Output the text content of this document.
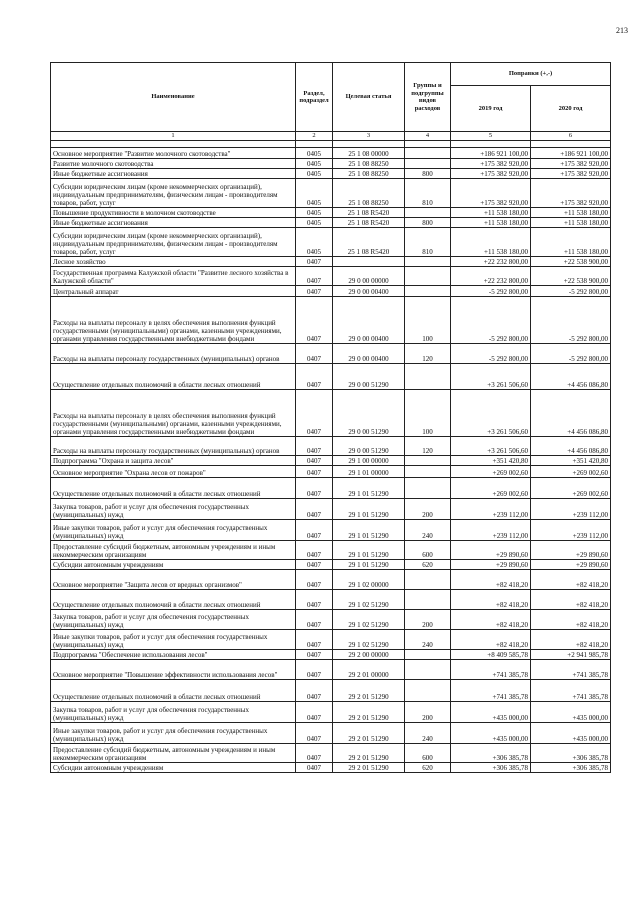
213
Наименование	Раздел, подраздел	Целевая статья	Группы и подгруппы видов расходов	Поправки (+,-)	
				2019 год	2020 год
1	2	3	4	5	6

Основное мероприятие "Развитие молочного скотоводства"	0405	25 1 08 00000		+186 921 100,00	+186 921 100,00
Развитие молочного скотоводства	0405	25 1 08 88250		+175 382 920,00	+175 382 920,00
Иные бюджетные ассигнования	0405	25 1 08 88250	800	+175 382 920,00	+175 382 920,00
Субсидии юридическим лицам (кроме некоммерческих организаций), индивидуальным предпринимателям, физическим лицам - производителям товаров, работ, услуг	0405	25 1 08 88250	810	+175 382 920,00	+175 382 920,00
Повышение продуктивности в молочном скотоводстве	0405	25 1 08 R5420		+11 538 180,00	+11 538 180,00
Иные бюджетные ассигнования	0405	25 1 08 R5420	800	+11 538 180,00	+11 538 180,00
Субсидии юридическим лицам (кроме некоммерческих организаций), индивидуальным предпринимателям, физическим лицам - производителям товаров, работ, услуг	0405	25 1 08 R5420	810	+11 538 180,00	+11 538 180,00
Лесное хозяйство	0407			+22 232 800,00	+22 538 900,00
Государственная программа Калужской области "Развитие лесного хозяйства в Калужской области"	0407	29 0 00 00000		+22 232 800,00	+22 538 900,00
Центральный аппарат	0407	29 0 00 00400		-5 292 800,00	-5 292 800,00
Расходы на выплаты персоналу в целях обеспечения выполнения функций государственными (муниципальными) органами, казенными учреждениями, органами управления государственными внебюджетными фондами	0407	29 0 00 00400	100	-5 292 800,00	-5 292 800,00
Расходы на выплаты персоналу государственных (муниципальных) органов	0407	29 0 00 00400	120	-5 292 800,00	-5 292 800,00
Осуществление отдельных полномочий в области лесных отношений	0407	29 0 00 51290		+3 261 506,60	+4 456 086,80
Расходы на выплаты персоналу в целях обеспечения выполнения функций государственными (муниципальными) органами, казенными учреждениями, органами управления государственными внебюджетными фондами	0407	29 0 00 51290	100	+3 261 506,60	+4 456 086,80
Расходы на выплаты персоналу государственных (муниципальных) органов	0407	29 0 00 51290	120	+3 261 506,60	+4 456 086,80
Подпрограмма "Охрана и защита лесов"	0407	29 1 00 00000		+351 420,80	+351 420,80
Основное мероприятие "Охрана лесов от пожаров"	0407	29 1 01 00000		+269 002,60	+269 002,60
Осуществление отдельных полномочий в области лесных отношений	0407	29 1 01 51290		+269 002,60	+269 002,60
Закупка товаров, работ и услуг для обеспечения государственных (муниципальных) нужд	0407	29 1 01 51290	200	+239 112,00	+239 112,00
Иные закупки товаров, работ и услуг для обеспечения государственных (муниципальных) нужд	0407	29 1 01 51290	240	+239 112,00	+239 112,00
Предоставление субсидий бюджетным, автономным учреждениям и иным некоммерческим организациям	0407	29 1 01 51290	600	+29 890,60	+29 890,60
Субсидии автономным учреждениям	0407	29 1 01 51290	620	+29 890,60	+29 890,60
Основное мероприятие "Защита лесов от вредных организмов"	0407	29 1 02 00000		+82 418,20	+82 418,20
Осуществление отдельных полномочий в области лесных отношений	0407	29 1 02 51290		+82 418,20	+82 418,20
Закупка товаров, работ и услуг для обеспечения государственных (муниципальных) нужд	0407	29 1 02 51290	200	+82 418,20	+82 418,20
Иные закупки товаров, работ и услуг для обеспечения государственных (муниципальных) нужд	0407	29 1 02 51290	240	+82 418,20	+82 418,20
Подпрограмма "Обеспечение использования лесов"	0407	29 2 00 00000		+8 409 585,78	+2 941 985,78
Основное мероприятие "Повышение эффективности использования лесов"	0407	29 2 01 00000		+741 385,78	+741 385,78
Осуществление отдельных полномочий в области лесных отношений	0407	29 2 01 51290		+741 385,78	+741 385,78
Закупка товаров, работ и услуг для обеспечения государственных (муниципальных) нужд	0407	29 2 01 51290	200	+435 000,00	+435 000,00
Иные закупки товаров, работ и услуг для обеспечения государственных (муниципальных) нужд	0407	29 2 01 51290	240	+435 000,00	+435 000,00
Предоставление субсидий бюджетным, автономным учреждениям и иным некоммерческим организациям	0407	29 2 01 51290	600	+306 385,78	+306 385,78
Субсидии автономным учреждениям	0407	29 2 01 51290	620	+306 385,78	+306 385,78
